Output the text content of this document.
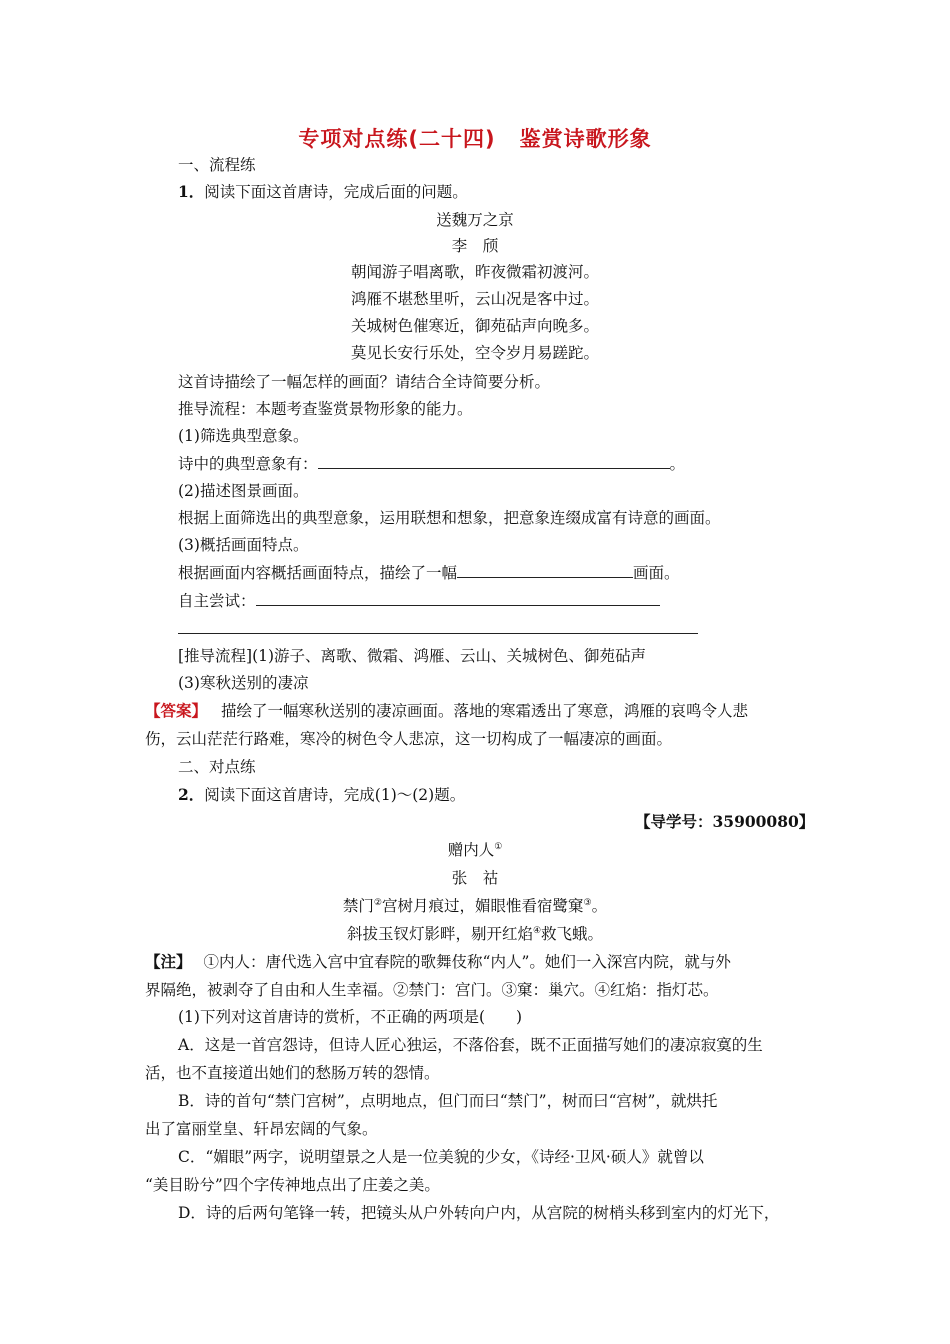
专项对点练(二十四) 鉴赏诗歌形象
一、流程练
1．阅读下面这首唐诗，完成后面的问题。
送魏万之京
李　颀
朝闻游子唱离歌，昨夜微霜初渡河。
鸿雁不堪愁里听，云山况是客中过。
关城树色催寒近，御苑砧声向晚多。
莫见长安行乐处，空令岁月易蹉跎。
这首诗描绘了一幅怎样的画面？请结合全诗简要分析。
推导流程：本题考查鉴赏景物形象的能力。
(1)筛选典型意象。
诗中的典型意象有：	。
(2)描述图景画面。
根据上面筛选出的典型意象，运用联想和想象，把意象连缀成富有诗意的画面。
(3)概括画面特点。
根据画面内容概括画面特点，描绘了一幅	画面。
自主尝试：
[推导流程](1)游子、离歌、微霜、鸿雁、云山、关城树色、御苑砧声
(3)寒秋送别的凄凉
【答案】 描绘了一幅寒秋送别的凄凉画面。落地的寒霜透出了寒意，鸿雁的哀鸣令人悲
伤，云山茫茫行路难，寒冷的树色令人悲凉，这一切构成了一幅凄凉的画面。
二、对点练
2．阅读下面这首唐诗，完成(1)～(2)题。
【导学号：35900080】
赠内人①
张　祜
禁门②宫树月痕过，媚眼惟看宿鹭窠③。
斜拔玉钗灯影畔，剔开红焰④救飞蛾。
【注】 ①内人：唐代选入宫中宜春院的歌舞伎称“内人”。她们一入深宫内院，就与外
界隔绝，被剥夺了自由和人生幸福。②禁门：宫门。③窠：巢穴。④红焰：指灯芯。
(1)下列对这首唐诗的赏析，不正确的两项是(　　)
A．这是一首宫怨诗，但诗人匠心独运，不落俗套，既不正面描写她们的凄凉寂寞的生
活，也不直接道出她们的愁肠万转的怨情。
B．诗的首句“禁门宫树”，点明地点，但门而曰“禁门”，树而曰“宫树”，就烘托
出了富丽堂皇、轩昂宏阔的气象。
C．“媚眼”两字，说明望景之人是一位美貌的少女，《诗经·卫风·硕人》就曾以
“美目盼兮”四个字传神地点出了庄姜之美。
D．诗的后两句笔锋一转，把镜头从户外转向户内，从宫院的树梢头移到室内的灯光下，
